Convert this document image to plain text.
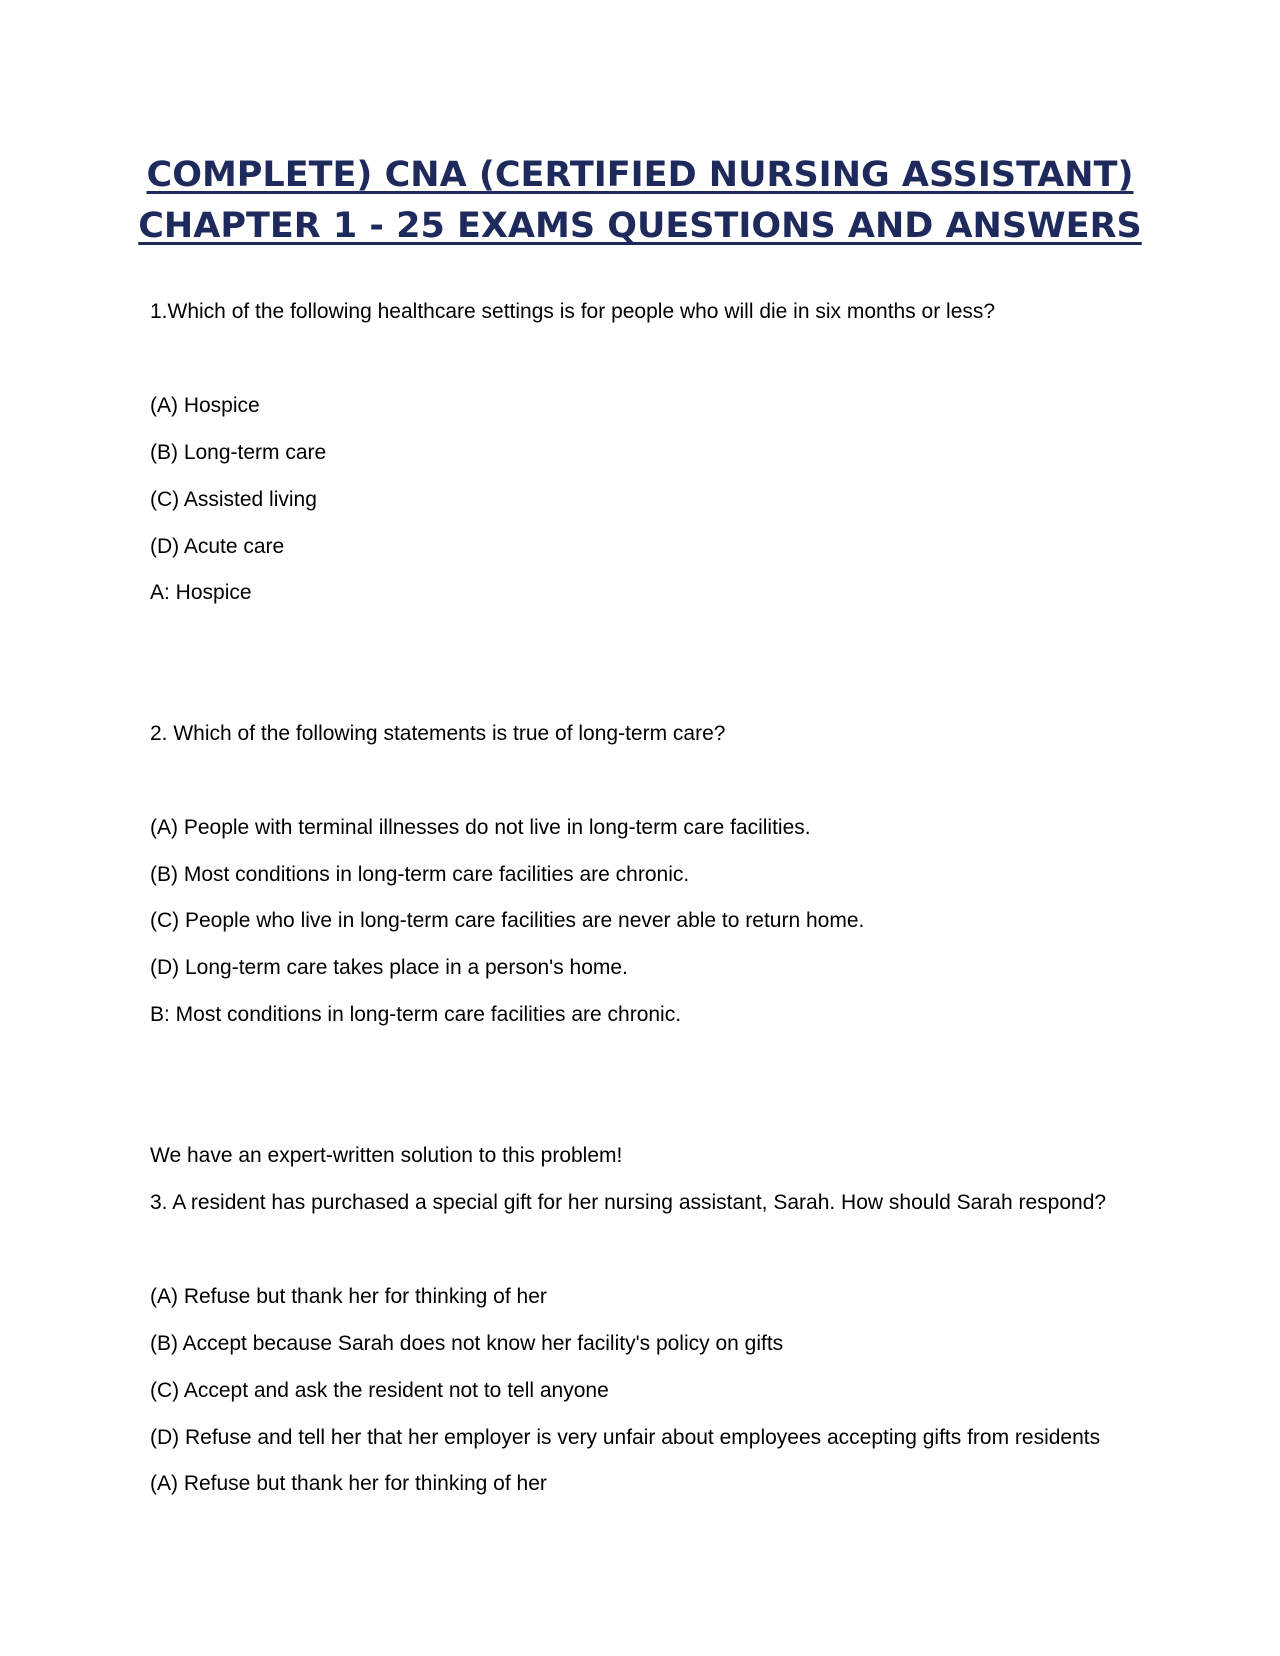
COMPLETE) CNA (CERTIFIED NURSING ASSISTANT)
CHAPTER 1 - 25 EXAMS QUESTIONS AND ANSWERS
1.Which of the following healthcare settings is for people who will die in six months or less?
(A) Hospice
(B) Long-term care
(C) Assisted living
(D) Acute care
A: Hospice
2. Which of the following statements is true of long-term care?
(A) People with terminal illnesses do not live in long-term care facilities.
(B) Most conditions in long-term care facilities are chronic.
(C) People who live in long-term care facilities are never able to return home.
(D) Long-term care takes place in a person's home.
B: Most conditions in long-term care facilities are chronic.
We have an expert-written solution to this problem!
3. A resident has purchased a special gift for her nursing assistant, Sarah. How should Sarah respond?
(A) Refuse but thank her for thinking of her
(B) Accept because Sarah does not know her facility's policy on gifts
(C) Accept and ask the resident not to tell anyone
(D) Refuse and tell her that her employer is very unfair about employees accepting gifts from residents
(A) Refuse but thank her for thinking of her
